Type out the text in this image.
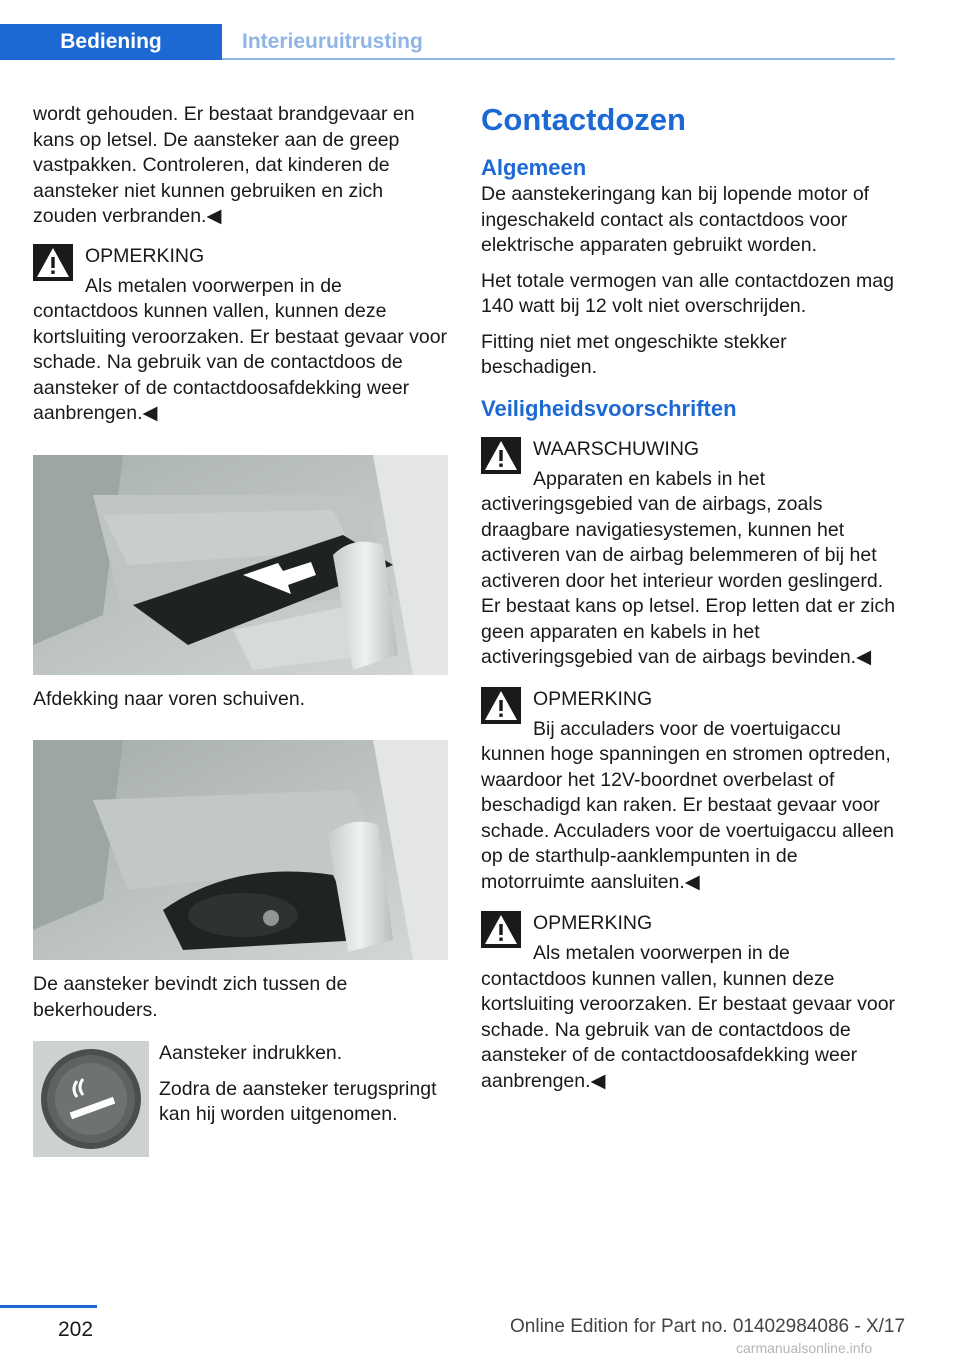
Bediening	Interieuruitrusting

wordt gehouden. Er bestaat brandgevaar en kans op letsel. De aansteker aan de greep vastpakken. Controleren, dat kinderen de aansteker niet kunnen gebruiken en zich zouden verbranden.◀

OPMERKING
Als metalen voorwerpen in de contactdoos kunnen vallen, kunnen deze kortsluiting veroorzaken. Er bestaat gevaar voor schade. Na gebruik van de contactdoos de aansteker of de contactdoosafdekking weer aanbrengen.◀

Afdekking naar voren schuiven.

De aansteker bevindt zich tussen de bekerhouders.

Aansteker indrukken.

Zodra de aansteker terugspringt kan hij worden uitgenomen.

Contactdozen
Algemeen

De aanstekeringang kan bij lopende motor of ingeschakeld contact als contactdoos voor elektrische apparaten gebruikt worden.

Het totale vermogen van alle contactdozen mag 140 watt bij 12 volt niet overschrijden.

Fitting niet met ongeschikte stekker beschadigen.

Veiligheidsvoorschriften
WAARSCHUWING
Apparaten en kabels in het activeringsgebied van de airbags, zoals draagbare navigatiesystemen, kunnen het activeren van de airbag belemmeren of bij het activeren door het interieur worden geslingerd. Er bestaat kans op letsel. Erop letten dat er zich geen apparaten en kabels in het activeringsgebied van de airbags bevinden.◀
OPMERKING
Bij acculaders voor de voertuigaccu kunnen hoge spanningen en stromen optreden, waardoor het 12V-boordnet overbelast of beschadigd kan raken. Er bestaat gevaar voor schade. Acculaders voor de voertuigaccu alleen op de starthulp-aanklempunten in de motorruimte aansluiten.◀
OPMERKING
Als metalen voorwerpen in de contactdoos kunnen vallen, kunnen deze kortsluiting veroorzaken. Er bestaat gevaar voor schade. Na gebruik van de contactdoos de aansteker of de contactdoosafdekking weer aanbrengen.◀
202	Online Edition for Part no. 01402984086 - X/17
carmanualsonline.info
